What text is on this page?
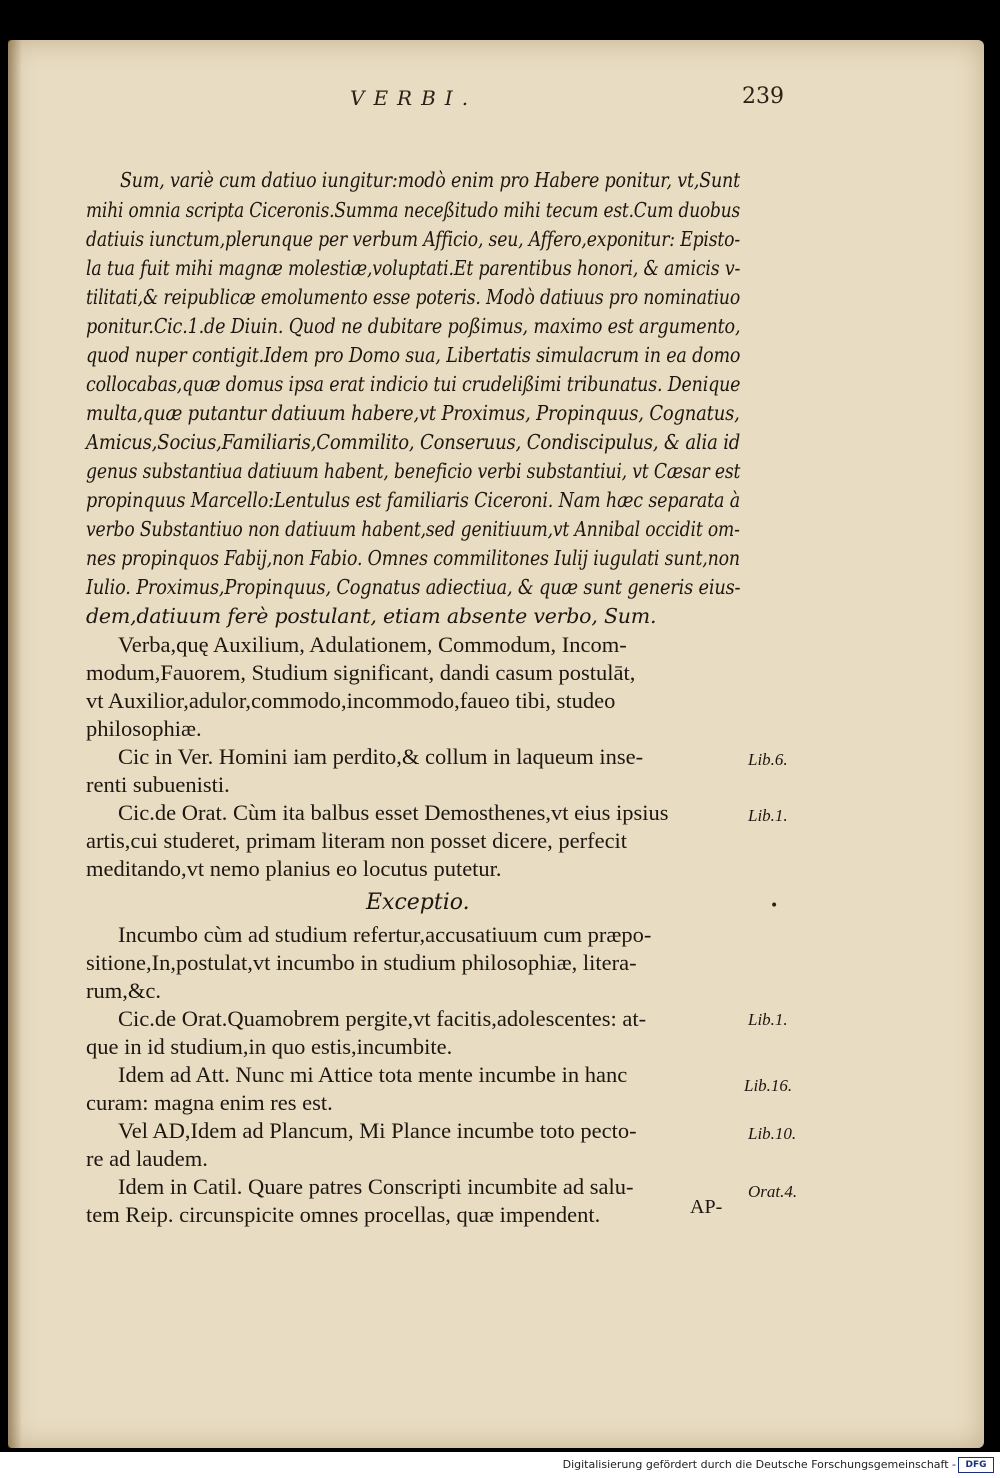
VERBI.	239
Sum, variè cum datiuo iungitur:modò enim pro Habere ponitur, vt,Sunt
mihi omnia scripta Ciceronis.Summa neceßitudo mihi tecum est.Cum duobus
datiuis iunctum,plerunque per verbum Afficio, seu, Affero,exponitur: Episto-
la tua fuit mihi magnæ molestiæ,voluptati.Et parentibus honori, & amicis v-
tilitati,& reipublicæ emolumento esse poteris. Modò datiuus pro nominatiuo
ponitur.Cic.1.de Diuin. Quod ne dubitare poßimus, maximo est argumento,
quod nuper contigit.Idem pro Domo sua, Libertatis simulacrum in ea domo
collocabas,quæ domus ipsa erat indicio tui crudelißimi tribunatus. Denique
multa,quæ putantur datiuum habere,vt Proximus, Propinquus, Cognatus,
Amicus,Socius,Familiaris,Commilito, Conseruus, Condiscipulus, & alia id
genus substantiua datiuum habent, beneficio verbi substantiui, vt Cæsar est
propinquus Marcello:Lentulus est familiaris Ciceroni. Nam hæc separata à
verbo Substantiuo non datiuum habent,sed genitiuum,vt Annibal occidit om-
nes propinquos Fabij,non Fabio. Omnes commilitones Iulij iugulati sunt,non
Iulio. Proximus,Propinquus, Cognatus adiectiua, & quæ sunt generis eius-
dem,datiuum ferè postulant, etiam absente verbo, Sum.
Verba,quę Auxilium, Adulationem, Commodum, Incom-
modum,Fauorem, Studium significant, dandi casum postulāt,
vt Auxilior,adulor,commodo,incommodo,faueo tibi, studeo
philosophiæ.
Cic in Ver. Homini iam perdito,& collum in laqueum inse-
renti subuenisti.
Cic.de Orat. Cùm ita balbus esset Demosthenes,vt eius ipsius
artis,cui studeret, primam literam non posset dicere, perfecit
meditando,vt nemo planius eo locutus putetur.
Exceptio.
Incumbo cùm ad studium refertur,accusatiuum cum præpo-
sitione,In,postulat,vt incumbo in studium philosophiæ, litera-
rum,&c.
Cic.de Orat.Quamobrem pergite,vt facitis,adolescentes: at-
que in id studium,in quo estis,incumbite.
Idem ad Att. Nunc mi Attice tota mente incumbe in hanc
curam: magna enim res est.
Vel AD,Idem ad Plancum, Mi Plance incumbe toto pecto-
re ad laudem.
Idem in Catil. Quare patres Conscripti incumbite ad salu-
tem Reip. circunspicite omnes procellas, quæ impendent.
Lib.6.
Lib.1.
Lib.1.
Lib.16.
Lib.10.
Orat.4.
•
AP-
Digitalisierung gefördert durch die Deutsche Forschungsgemeinschaft -	DFG
